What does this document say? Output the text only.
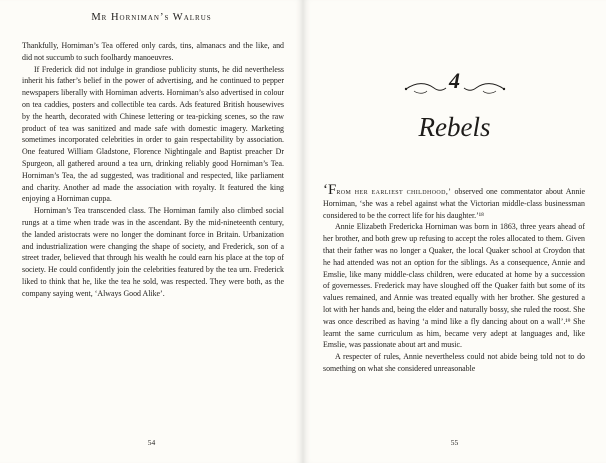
Mr Horniman’s Walrus

Thankfully, Horniman’s Tea offered only cards, tins, almanacs and the like, and did not succumb to such foolhardy manoeuvres.

If Frederick did not indulge in grandiose publicity stunts, he did nevertheless inherit his father’s belief in the power of advertising, and he continued to pepper newspapers liberally with Horniman adverts. Horniman’s also advertised in colour on tea caddies, posters and collectible tea cards. Ads featured British housewives by the hearth, decorated with Chinese lettering or tea-picking scenes, so the raw product of tea was sanitized and made safe with domestic imagery. Marketing sometimes incorporated celebrities in order to gain respectability by association. One featured William Gladstone, Florence Nightingale and Baptist preacher Dr Spurgeon, all gathered around a tea urn, drinking reliably good Horniman’s Tea. Horniman’s Tea, the ad suggested, was traditional and respected, like parliament and charity. Another ad made the association with royalty. It featured the king enjoying a Horniman cuppa.

Horniman’s Tea transcended class. The Horniman family also climbed social rungs at a time when trade was in the ascendant. By the mid-nineteenth century, the landed aristocrats were no longer the dominant force in Britain. Urbanization and industrialization were changing the shape of society, and Frederick, son of a street trader, believed that through his wealth he could earn his place at the top of society. He could confidently join the celebrities featured by the tea urn. Frederick liked to think that he, like the tea he sold, was respected. They were both, as the company saying went, ‘Always Good Alike’.

54
4
Rebels

‘From her earliest childhood,’ observed one commentator about Annie Horniman, ‘she was a rebel against what the Victorian middle-class businessman considered to be the correct life for his daughter.’¹⁸

Annie Elizabeth Fredericka Horniman was born in 1863, three years ahead of her brother, and both grew up refusing to accept the roles allocated to them. Given that their father was no longer a Quaker, the local Quaker school at Croydon that he had attended was not an option for the siblings. As a consequence, Annie and Emslie, like many middle-class children, were educated at home by a succession of governesses. Frederick may have sloughed off the Quaker faith but some of its values remained, and Annie was treated equally with her brother. She gestured a lot with her hands and, being the elder and naturally bossy, she ruled the roost. She was once described as having ‘a mind like a fly dancing about on a wall’.¹⁹ She learnt the same curriculum as him, became very adept at languages and, like Emslie, was passionate about art and music.

A respecter of rules, Annie nevertheless could not abide being told not to do something on what she considered unreasonable

55
